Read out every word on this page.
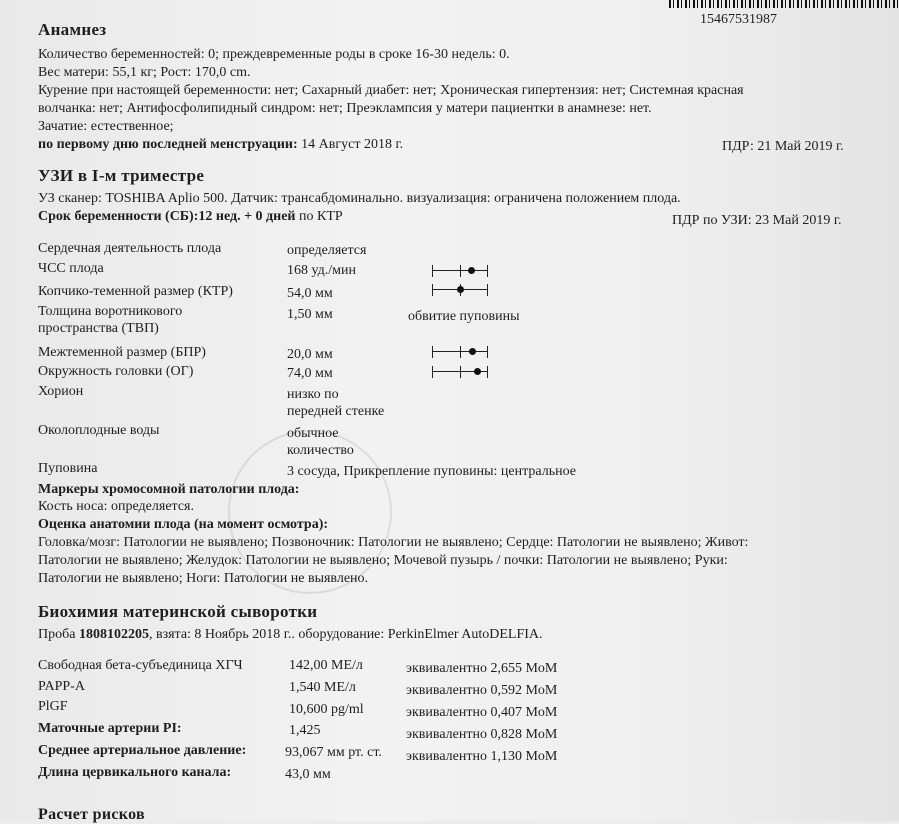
15467531987
Анамнез
Количество беременностей: 0; преждевременные роды в сроке 16-30 недель: 0.
Вес матери: 55,1 кг; Рост: 170,0 cm.
Курение при настоящей беременности: нет; Сахарный диабет: нет; Хроническая гипертензия: нет; Системная красная
волчанка: нет; Антифосфолипидный синдром: нет; Преэклампсия у матери пациентки в анамнезе: нет.
Зачатие: естественное;
по первому дню последней менструации: 14 Август 2018 г.	ПДР: 21 Май 2019 г.
УЗИ в I-м триместре
УЗ сканер: TOSHIBA Aplio 500. Датчик: трансабдоминально. визуализация: ограничена положением плода.
Срок беременности (СБ):12 нед. + 0 дней по КТР	ПДР по УЗИ: 23 Май 2019 г.
Сердечная деятельность плода	определяется
ЧСС плода	168 уд./мин
Копчико-теменной размер (КТР)	54,0 мм
Толщина воротникового
пространства (ТВП)
1,50 мм	обвитие пуповины
Межтеменной размер (БПР)	20,0 мм
Окружность головки (ОГ)	74,0 мм
Хорион	низко по
передней стенке
Околоплодные воды	обычное
количество
Пуповина	3 сосуда, Прикрепление пуповины: центральное
Маркеры хромосомной патологии плода:
Кость носа: определяется.
Оценка анатомии плода (на момент осмотра):
Головка/мозг: Патологии не выявлено; Позвоночник: Патологии не выявлено; Сердце: Патологии не выявлено; Живот:
Патологии не выявлено; Желудок: Патологии не выявлено; Мочевой пузырь / почки: Патологии не выявлено; Руки:
Патологии не выявлено; Ноги: Патологии не выявлено.
Биохимия материнской сыворотки
Проба 1808102205, взята: 8 Ноябрь 2018 г.. оборудование: PerkinElmer AutoDELFIA.
Свободная бета-субъединица ХГЧ	142,00 МЕ/л	эквивалентно 2,655 MoM
PAPP-A	1,540 МЕ/л	эквивалентно 0,592 MoM
PlGF	10,600 pg/ml	эквивалентно 0,407 MoM
Маточные артерии PI:	1,425	эквивалентно 0,828 MoM
Среднее артериальное давление:	93,067 мм рт. ст. эквивалентно 1,130 MoM
Длина цервикального канала:	43,0 мм
Расчет рисков
